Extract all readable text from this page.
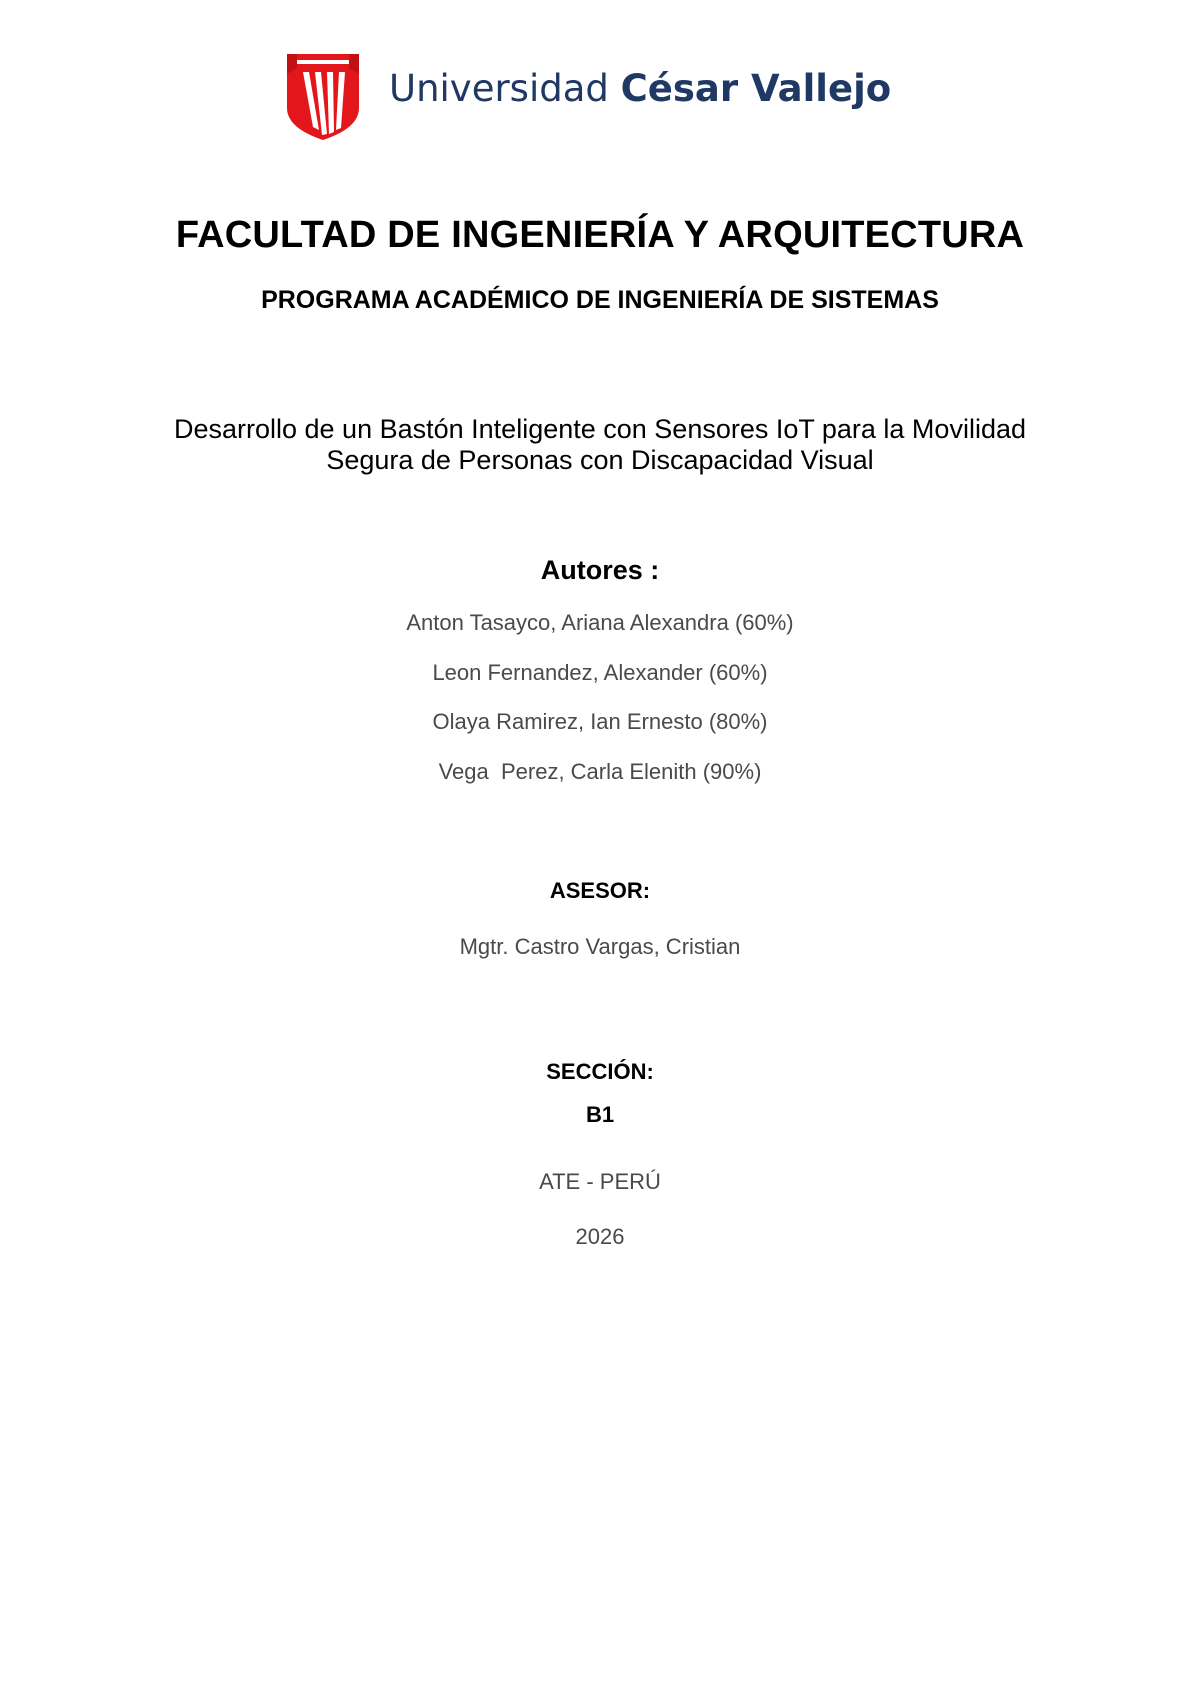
Universidad César Vallejo
FACULTAD DE INGENIERÍA Y ARQUITECTURA
PROGRAMA ACADÉMICO DE INGENIERÍA DE SISTEMAS
Desarrollo de un Bastón Inteligente con Sensores IoT para la Movilidad
Segura de Personas con Discapacidad Visual
Autores :
Anton Tasayco, Ariana Alexandra (60%)
Leon Fernandez, Alexander (60%)
Olaya Ramirez, Ian Ernesto (80%)
Vega  Perez, Carla Elenith (90%)
ASESOR:
Mgtr. Castro Vargas, Cristian
SECCIÓN:
B1
ATE - PERÚ
2026
